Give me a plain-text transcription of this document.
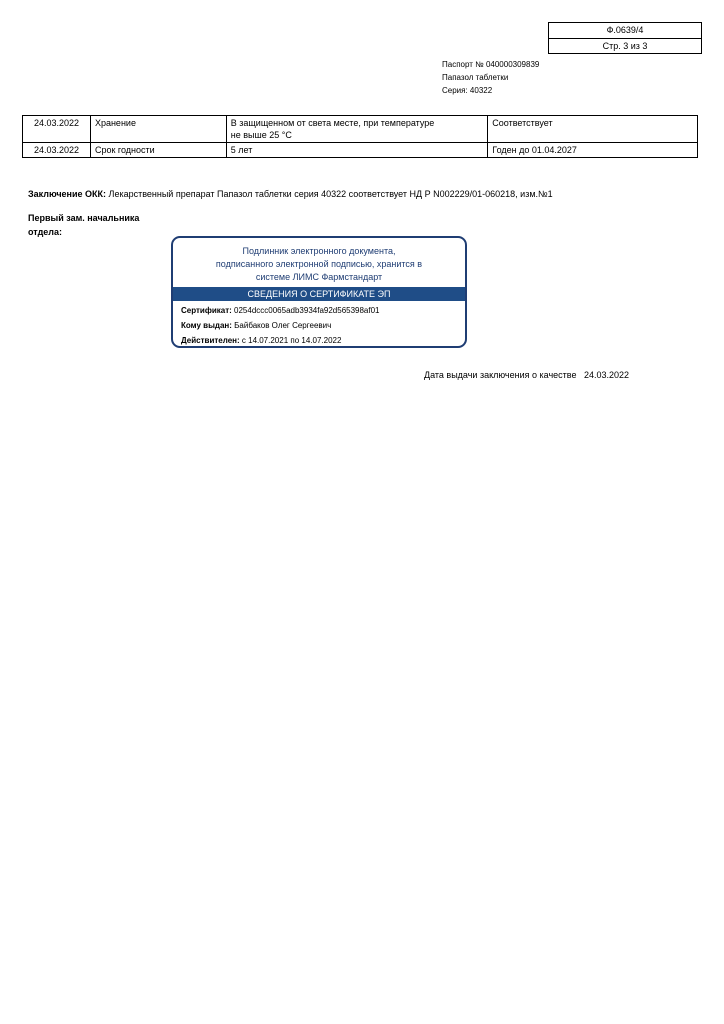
Ф.0639/4
Стр. 3 из 3
Паспорт № 040000309839
Папазол таблетки
Серия: 40322
24.03.2022	Хранение	В защищенном от света месте, при температуре
не выше 25 °C	Соответствует
24.03.2022	Срок годности	5 лет	Годен до 01.04.2027
Заключение ОКК: Лекарственный препарат Папазол таблетки серия 40322 соответствует НД Р N002229/01-060218, изм.№1
Первый зам. начальника
отдела:
Подлинник электронного документа,
подписанного электронной подписью, хранится в
системе ЛИМС Фармстандарт
СВЕДЕНИЯ О СЕРТИФИКАТЕ ЭП
Сертификат: 0254dccc0065adb3934fa92d565398af01
Кому выдан: Байбаков Олег Сергеевич
Действителен: с 14.07.2021 по 14.07.2022
Дата выдачи заключения о качестве 24.03.2022
